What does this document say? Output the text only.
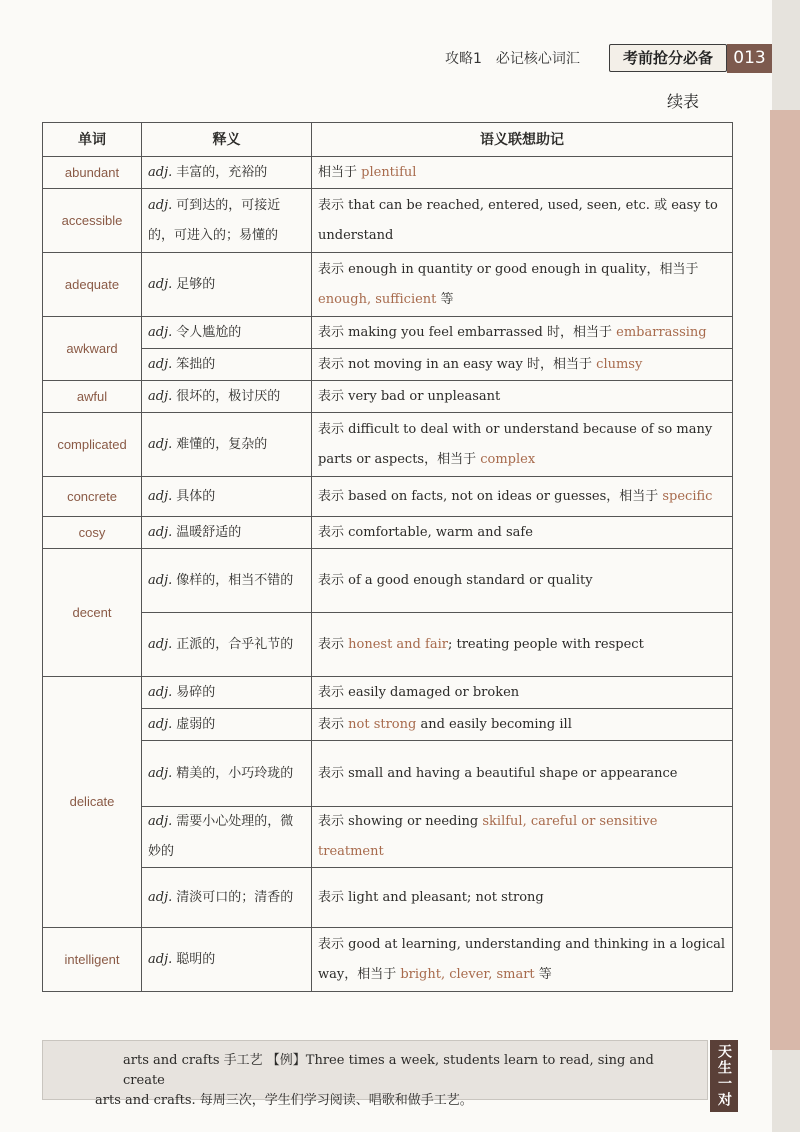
攻略1 必记核心词汇	考前抢分必备	013
续表
单词	释义	语义联想助记
abundant	adj. 丰富的，充裕的	相当于 plentiful
accessible	adj. 可到达的，可接近的，可进入的；易懂的	表示 that can be reached, entered, used, seen, etc. 或 easy to understand
adequate	adj. 足够的	表示 enough in quantity or good enough in quality，相当于 enough, sufficient 等
awkward	adj. 令人尴尬的	表示 making you feel embarrassed 时，相当于 embarrassing
	adj. 笨拙的	表示 not moving in an easy way 时，相当于 clumsy
awful	adj. 很坏的，极讨厌的	表示 very bad or unpleasant
complicated	adj. 难懂的，复杂的	表示 difficult to deal with or understand because of so many parts or aspects，相当于 complex
concrete	adj. 具体的	表示 based on facts, not on ideas or guesses，相当于 specific
cosy	adj. 温暖舒适的	表示 comfortable, warm and safe
decent	adj. 像样的，相当不错的	表示 of a good enough standard or quality
	adj. 正派的，合乎礼节的	表示 honest and fair; treating people with respect
delicate	adj. 易碎的	表示 easily damaged or broken
	adj. 虚弱的	表示 not strong and easily becoming ill
	adj. 精美的，小巧玲珑的	表示 small and having a beautiful shape or appearance
	adj. 需要小心处理的，微妙的	表示 showing or needing skilful, careful or sensitive treatment
	adj. 清淡可口的；清香的	表示 light and pleasant; not strong
intelligent	adj. 聪明的	表示 good at learning, understanding and thinking in a logical way，相当于 bright, clever, smart 等
arts and crafts 手工艺 【例】Three times a week, students learn to read, sing and create
arts and crafts. 每周三次，学生们学习阅读、唱歌和做手工艺。	天生一对
